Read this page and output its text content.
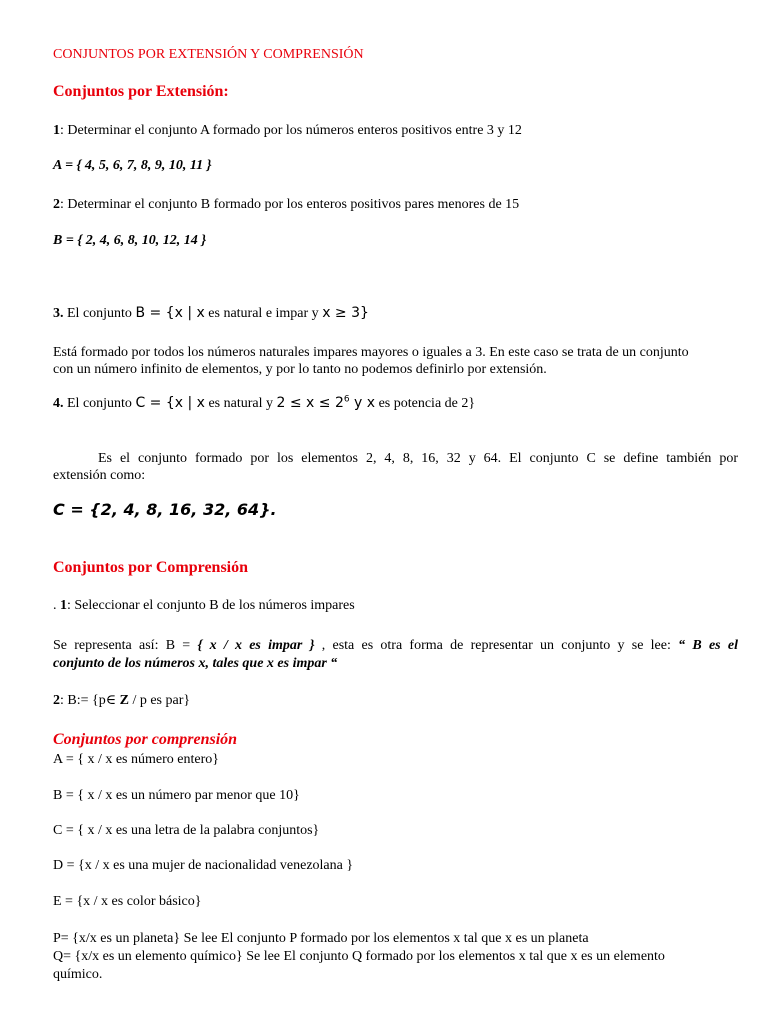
CONJUNTOS POR EXTENSIÓN Y COMPRENSIÓN
Conjuntos por Extensión:
1: Determinar el conjunto A formado por los números enteros positivos entre 3 y 12
A = { 4, 5, 6, 7, 8, 9, 10, 11 }
2: Determinar el conjunto B formado por los enteros positivos pares menores de 15
B = { 2, 4, 6, 8, 10, 12, 14 }
3. El conjunto B = {x | x es natural e impar y x ≥ 3}
Está formado por todos los números naturales impares mayores o iguales a 3. En este caso se trata de un conjunto
con un número infinito de elementos, y por lo tanto no podemos definirlo por extensión.
4. El conjunto C = {x | x es natural y $2 \le x \le 2^6$ y x es potencia de 2}
Es el conjunto formado por los elementos 2, 4, 8, 16, 32 y 64. El conjunto C se define también por
extensión como:
C = {2, 4, 8, 16, 32, 64}.
Conjuntos por Comprensión
. 1: Seleccionar el conjunto B de los números impares
Se representa así: B = { x / x es impar } , esta es otra forma de representar un conjunto y se lee: “ B es el
conjunto de los números x, tales que x es impar “
2: B:= {p∈ Z / p es par}
Conjuntos por comprensión
A = { x / x es número entero}
B = { x / x es un número par menor que 10}
C = { x / x es una letra de la palabra conjuntos}
D = {x / x es una mujer de nacionalidad venezolana }
E = {x / x es color básico}
P= {x/x es un planeta} Se lee El conjunto P formado por los elementos x tal que x es un planeta
Q= {x/x es un elemento químico} Se lee El conjunto Q formado por los elementos x tal que x es un elemento
químico.
